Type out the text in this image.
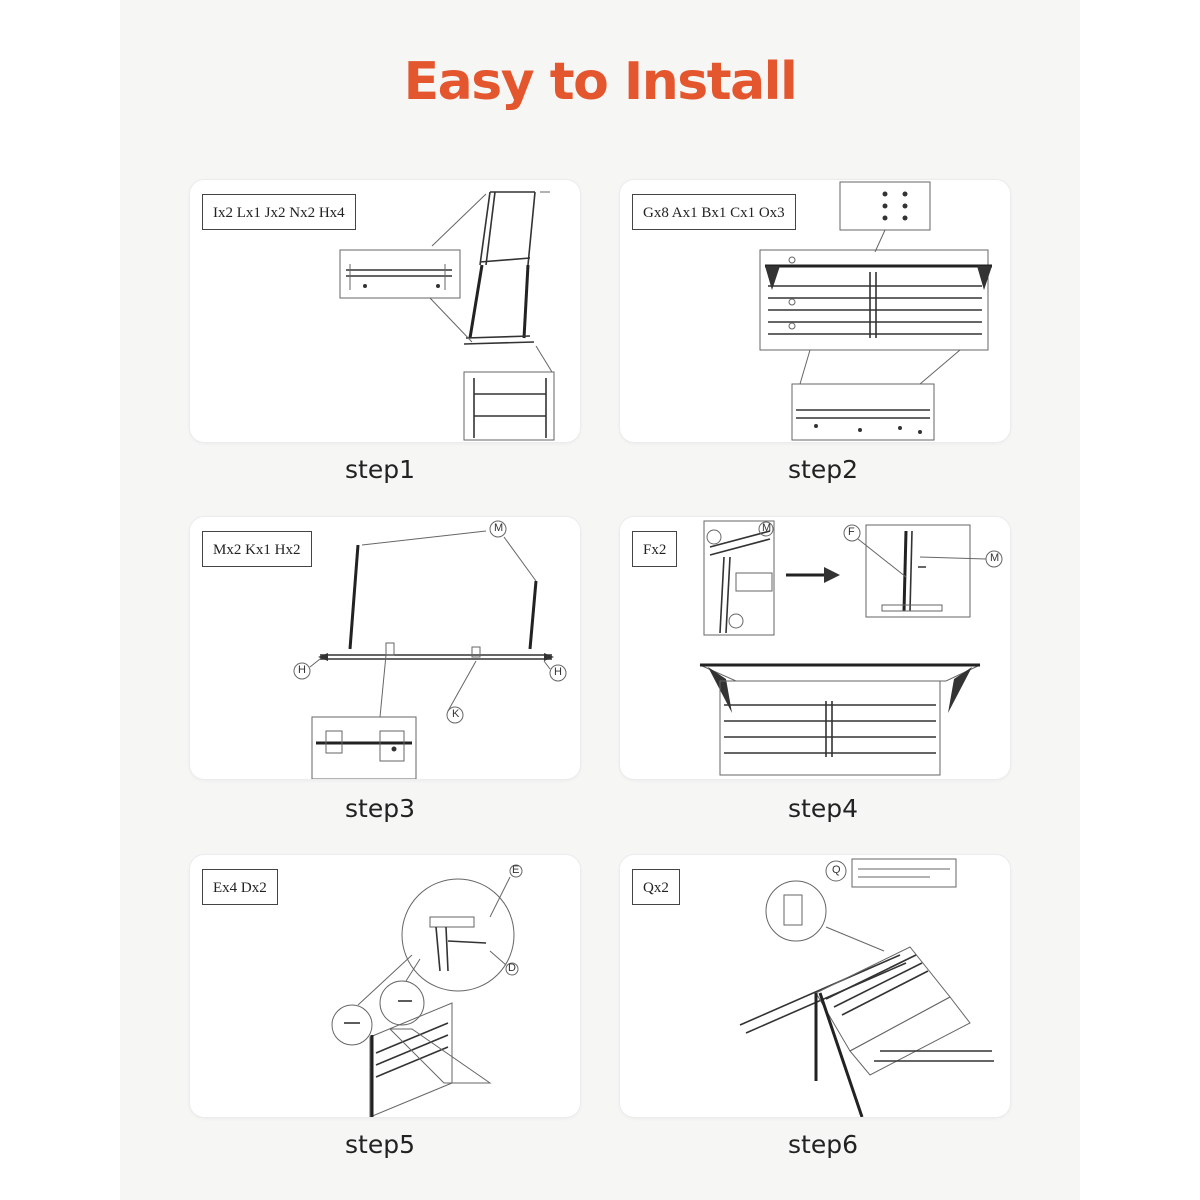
Easy to Install
Ix2 Lx1 Jx2 Nx2 Hx4
step1
Gx8 Ax1 Bx1 Cx1 Ox3
step2
Mx2 Kx1 Hx2
step3
Fx2
step4
Ex4 Dx2
step5
Qx2
step6
M
H	H
K
M	F
M
E
D
Q
